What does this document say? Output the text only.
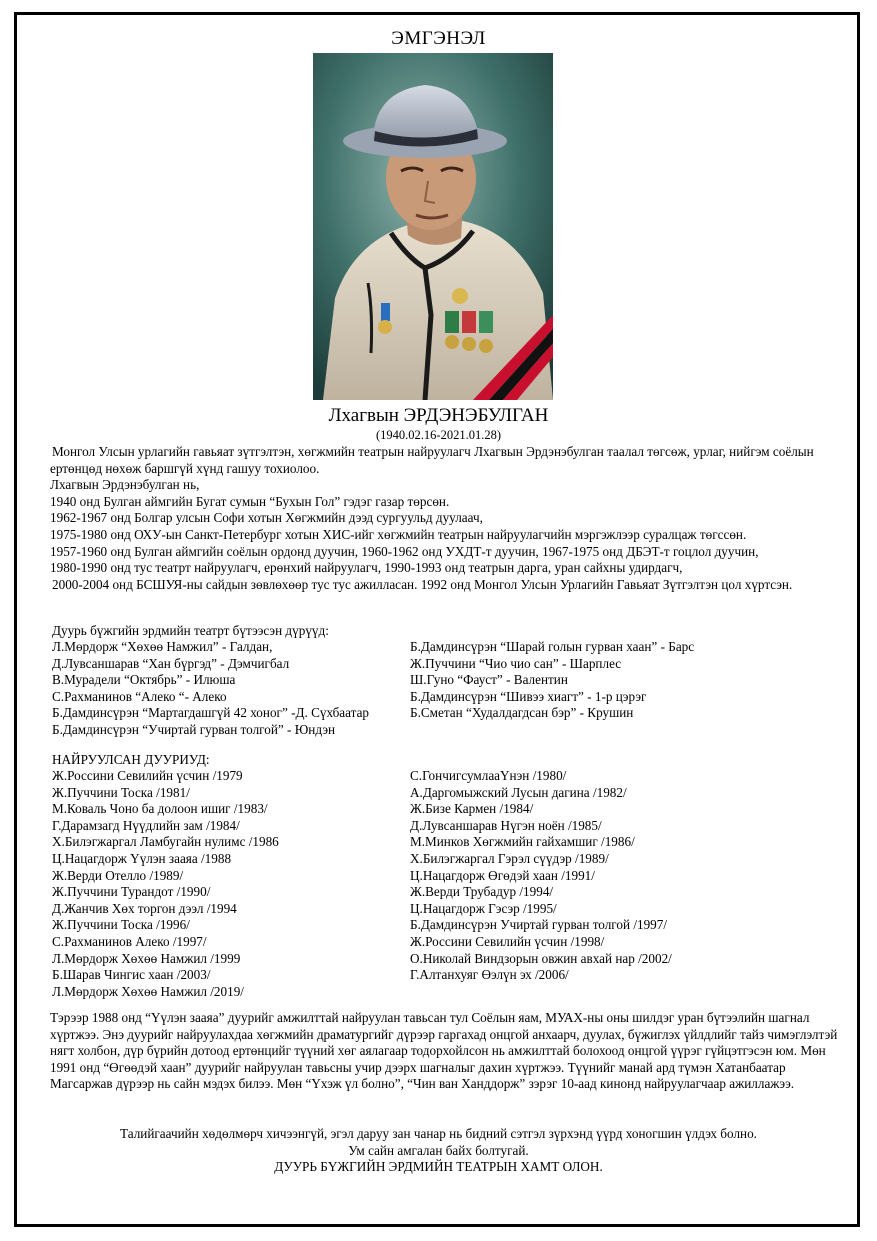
ЭМГЭНЭЛ
Лхагвын ЭРДЭНЭБУЛГАН
(1940.02.16-2021.01.28)

Монгол Улсын урлагийн гавьяат зүтгэлтэн, хөгжмийн театрын найруулагч Лхагвын Эрдэнэбулган таалал төгсөж, урлаг, нийгэм соёлын ертөнцөд нөхөж баршгүй хүнд гашуу тохиолоо.

Лхагвын Эрдэнэбулган нь,

1940 онд Булган аймгийн Бугат сумын “Бухын Гол” гэдэг газар төрсөн.

1962-1967 онд Болгар улсын Софи хотын Хөгжмийн дээд сургуульд дуулаач,

1975-1980 онд ОХУ-ын Санкт-Петербург хотын ХИС-ийг хөгжмийн театрын найруулагчийн мэргэжлээр суралцаж төгссөн.

1957-1960 онд Булган аймгийн соёлын ордонд дуучин, 1960-1962 онд УХДТ-т дуучин, 1967-1975 онд ДБЭТ-т гоцлол дуучин,

1980-1990 онд тус театрт найруулагч, ерөнхий найруулагч, 1990-1993 онд театрын дарга, уран сайхны удирдагч,

2000-2004 онд БСШУЯ-ны сайдын зөвлөхөөр тус тус ажилласан. 1992 онд Монгол Улсын Урлагийн Гавьяат Зүтгэлтэн цол хүртсэн.

Дуурь бүжгийн эрдмийн театрт бүтээсэн дүрүүд:
Л.Мөрдорж “Хөхөө Намжил” - Галдан,
Д.Лувсаншарав “Хан бүргэд” - Дэмчигбал
В.Мурадели “Октябрь” - Илюша
С.Рахманинов “Алеко “- Алеко
Б.Дамдинсүрэн “Мартагдашгүй 42 хоног” -Д. Сүхбаатар
Б.Дамдинсүрэн “Учиртай гурван толгой” - Юндэн
Б.Дамдинсүрэн “Шарай голын гурван хаан” - Барс
Ж.Пуччини “Чио чио сан” - Шарплес
Ш.Гуно “Фауст” - Валентин
Б.Дамдинсүрэн “Шивээ хиагт” - 1-р цэрэг
Б.Сметан “Худалдагдсан бэр” - Крушин
НАЙРУУЛСАН ДУУРИУД:
Ж.Россини Севилийн үсчин /1979
Ж.Пуччини Тоска /1981/
М.Коваль Чоно ба долоон ишиг /1983/
Г.Дарамзагд Нүүдлийн зам /1984/
Х.Билэгжаргал Ламбугайн нулимс /1986
Ц.Нацагдорж Үүлэн зааяа /1988
Ж.Верди Отелло /1989/
Ж.Пуччини Турандот /1990/
Д.Жанчив Хөх торгон дээл /1994
Ж.Пуччини Тоска /1996/
С.Рахманинов Алеко /1997/
Л.Мөрдорж Хөхөө Намжил /1999
Б.Шарав Чингис хаан /2003/
Л.Мөрдорж Хөхөө Намжил /2019/
С.ГончигсумлааҮнэн /1980/
А.Даргомыжский Лусын дагина /1982/
Ж.Бизе Кармен /1984/
Д.Лувсаншарав Нүгэн ноён /1985/
М.Минков Хөгжмийн гайхамшиг /1986/
Х.Билэгжаргал Гэрэл сүүдэр /1989/
Ц.Нацагдорж Өгөдэй хаан /1991/
Ж.Верди Трубадур /1994/
Ц.Нацагдорж Гэсэр /1995/
Б.Дамдинсүрэн Учиртай гурван толгой /1997/
Ж.Россини Севилийн үсчин /1998/
О.Николай Виндзорын овжин авхай нар /2002/
Г.Алтанхуяг Өэлүн эх /2006/

Тэрээр 1988 онд “Үүлэн зааяа” дуурийг амжилттай найруулан тавьсан тул Соёлын яам, МУАХ-ны оны шилдэг уран бүтээлийн шагнал хүртжээ. Энэ дуурийг найруулахдаа хөгжмийн драматургийг дүрээр гаргахад онцгой анхаарч, дуулах, бүжиглэх үйлдлийг тайз чимэглэлтэй нягт холбон, дүр бүрийн дотоод ертөнцийг түүний хөг аялагаар тодорхойлсон нь амжилттай болохоод онцгой үүрэг гүйцэтгэсэн юм. Мөн 1991 онд “Өгөөдэй хаан” дуурийг найруулан тавьсны учир дээрх шагналыг дахин хүртжээ. Түүнийг манай ард түмэн Хатанбаатар Магсаржав дүрээр нь сайн мэдэх билээ. Мөн “Үхэж үл болно”, “Чин ван Ханддорж” зэрэг 10-аад кинонд найруулагчаар ажиллажээ.

Талийгаачийн хөдөлмөрч хичээнгүй, эгэл даруу зан чанар нь бидний сэтгэл зүрхэнд үүрд хоногшин үлдэх болно.
Ум сайн амгалан байх болтугай.
ДУУРЬ БҮЖГИЙН ЭРДМИЙН ТЕАТРЫН ХАМТ ОЛОН.
